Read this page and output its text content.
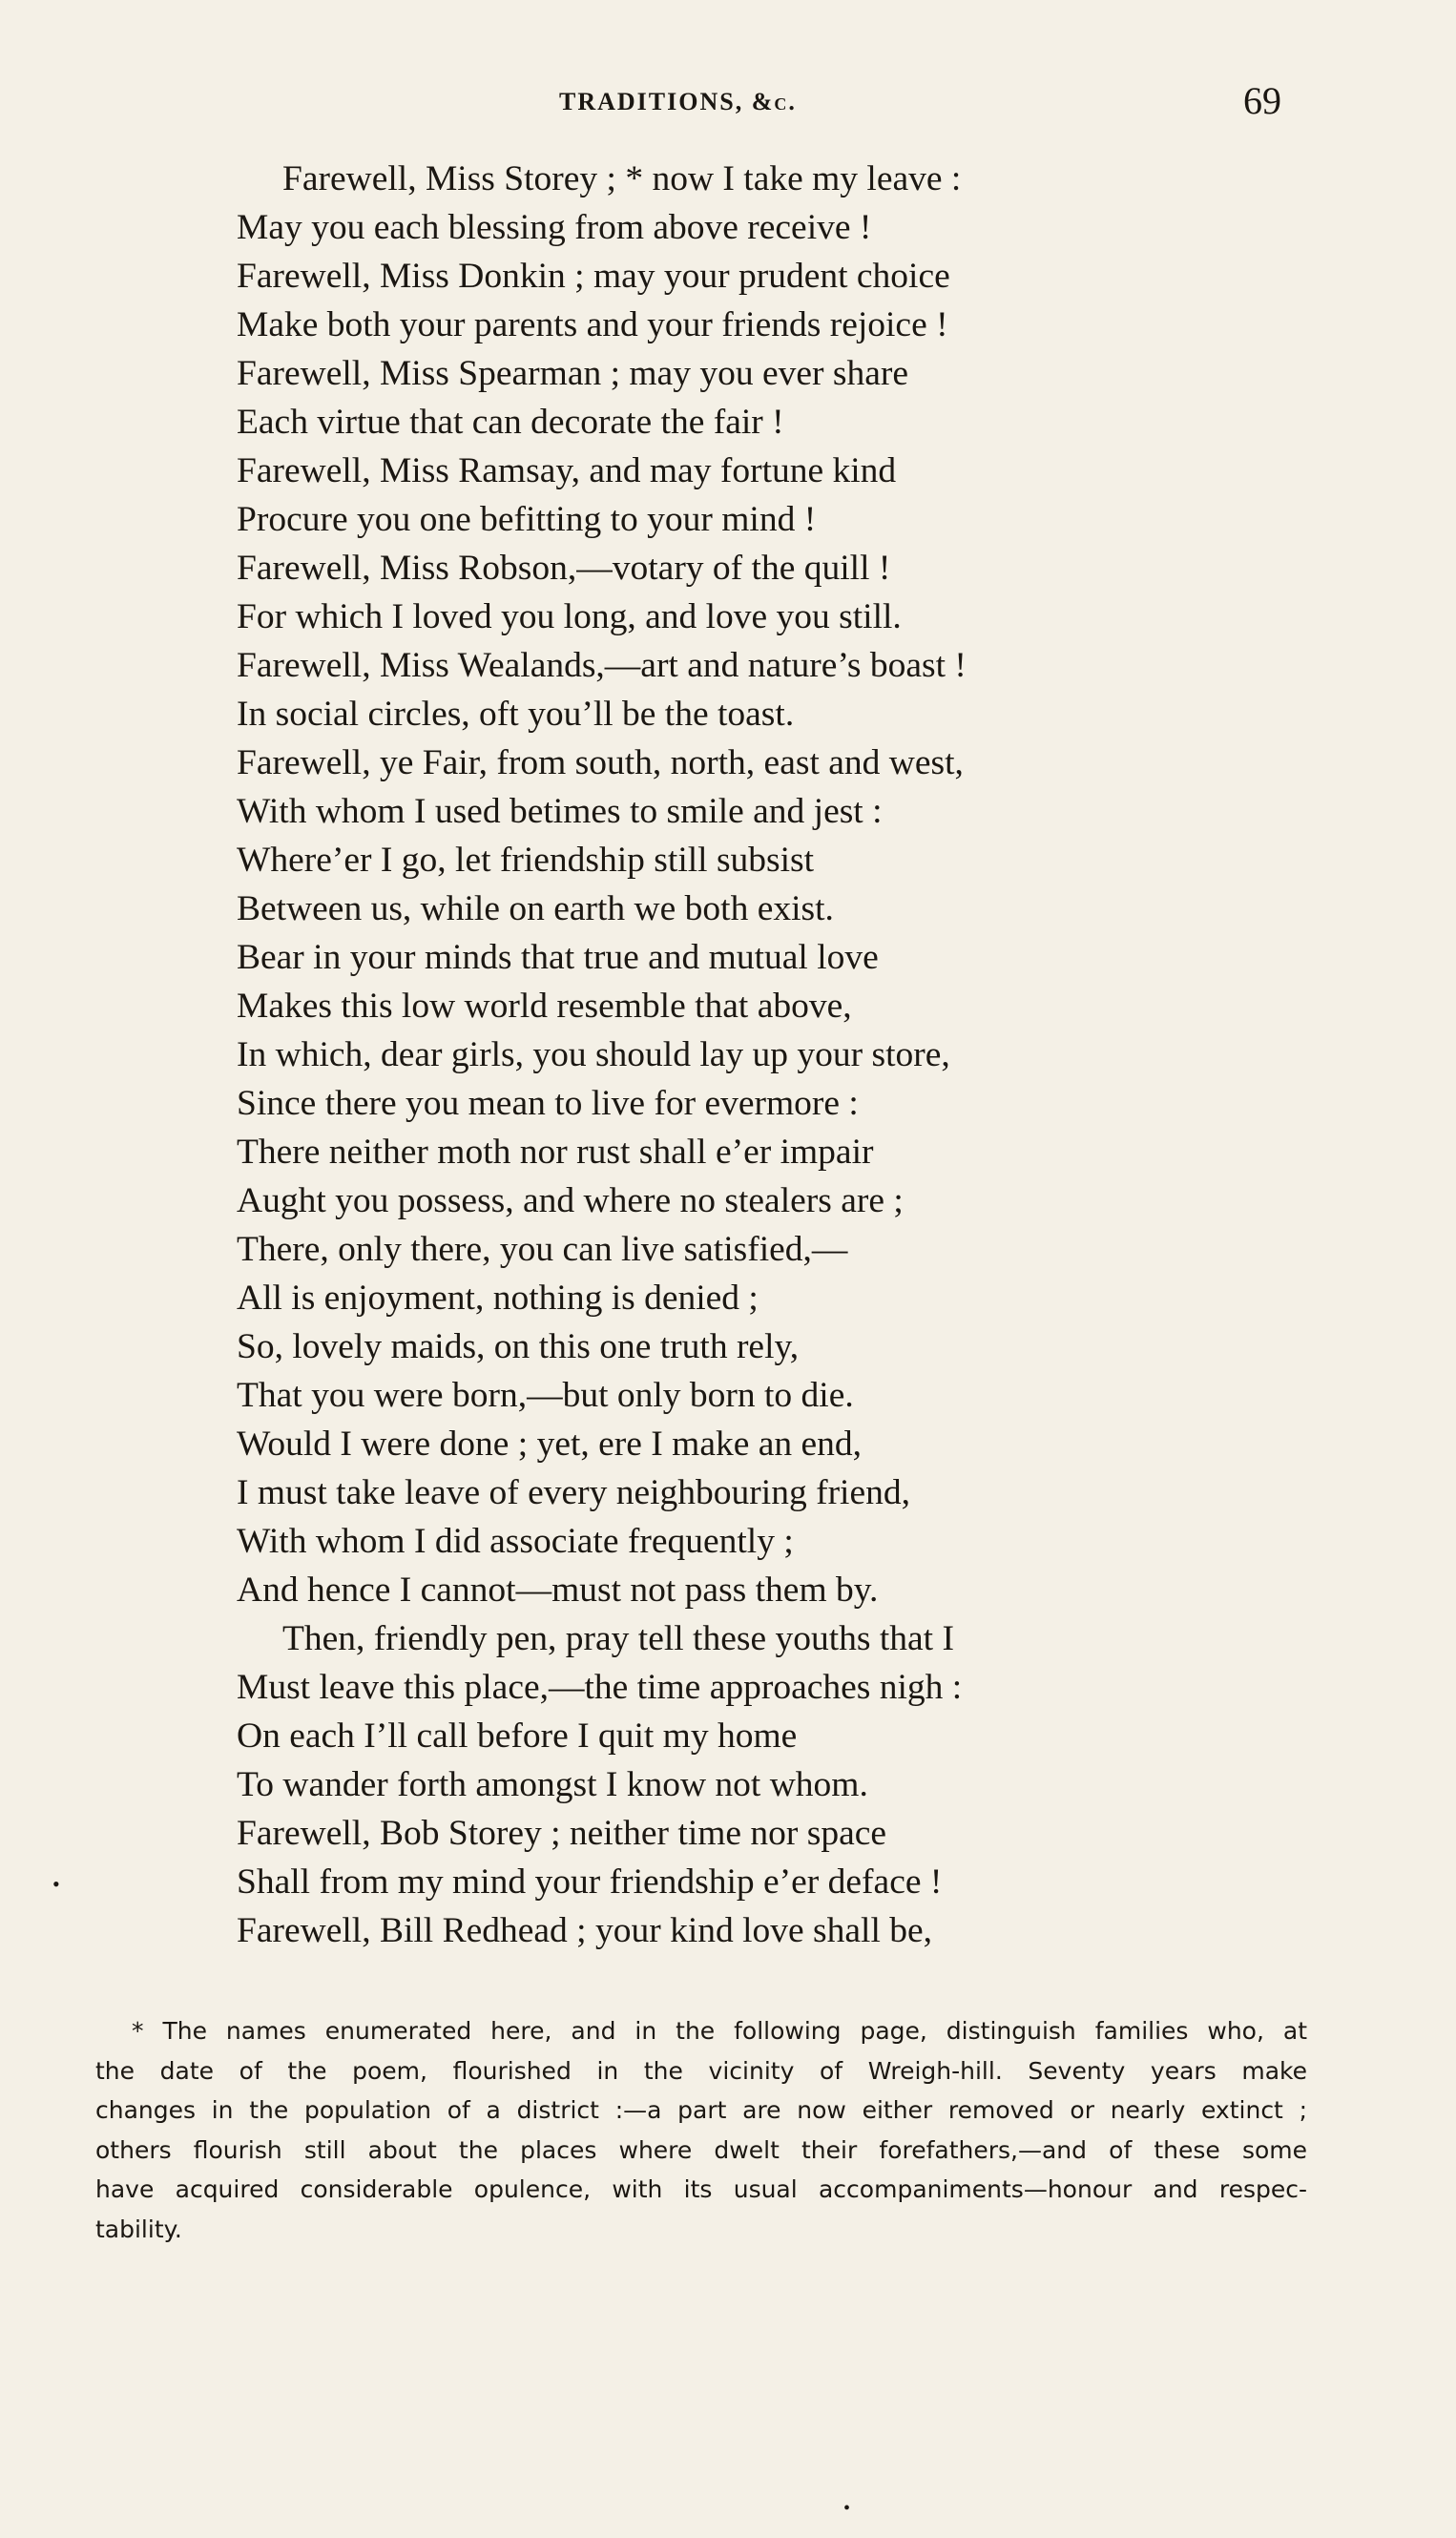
TRADITIONS, &c.	69
Farewell, Miss Storey ; * now I take my leave :
May you each blessing from above receive !
Farewell, Miss Donkin ; may your prudent choice
Make both your parents and your friends rejoice !
Farewell, Miss Spearman ; may you ever share
Each virtue that can decorate the fair !
Farewell, Miss Ramsay, and may fortune kind
Procure you one befitting to your mind !
Farewell, Miss Robson,—votary of the quill !
For which I loved you long, and love you still.
Farewell, Miss Wealands,—art and nature’s boast !
In social circles, oft you’ll be the toast.
Farewell, ye Fair, from south, north, east and west,
With whom I used betimes to smile and jest :
Where’er I go, let friendship still subsist
Between us, while on earth we both exist.
Bear in your minds that true and mutual love
Makes this low world resemble that above,
In which, dear girls, you should lay up your store,
Since there you mean to live for evermore :
There neither moth nor rust shall e’er impair
Aught you possess, and where no stealers are ;
There, only there, you can live satisfied,—
All is enjoyment, nothing is denied ;
So, lovely maids, on this one truth rely,
That you were born,—but only born to die.
Would I were done ; yet, ere I make an end,
I must take leave of every neighbouring friend,
With whom I did associate frequently ;
And hence I cannot—must not pass them by.
Then, friendly pen, pray tell these youths that I
Must leave this place,—the time approaches nigh :
On each I’ll call before I quit my home
To wander forth amongst I know not whom.
Farewell, Bob Storey ; neither time nor space
Shall from my mind your friendship e’er deface !
Farewell, Bill Redhead ; your kind love shall be,
•
* The names enumerated here, and in the following page, distinguish families who, at
the date of the poem, flourished in the vicinity of Wreigh-hill. Seventy years make
changes in the population of a district :—a part are now either removed or nearly extinct ;
others flourish still about the places where dwelt their forefathers,—and of these some
have acquired considerable opulence, with its usual accompaniments—honour and respec-
tability.
•
